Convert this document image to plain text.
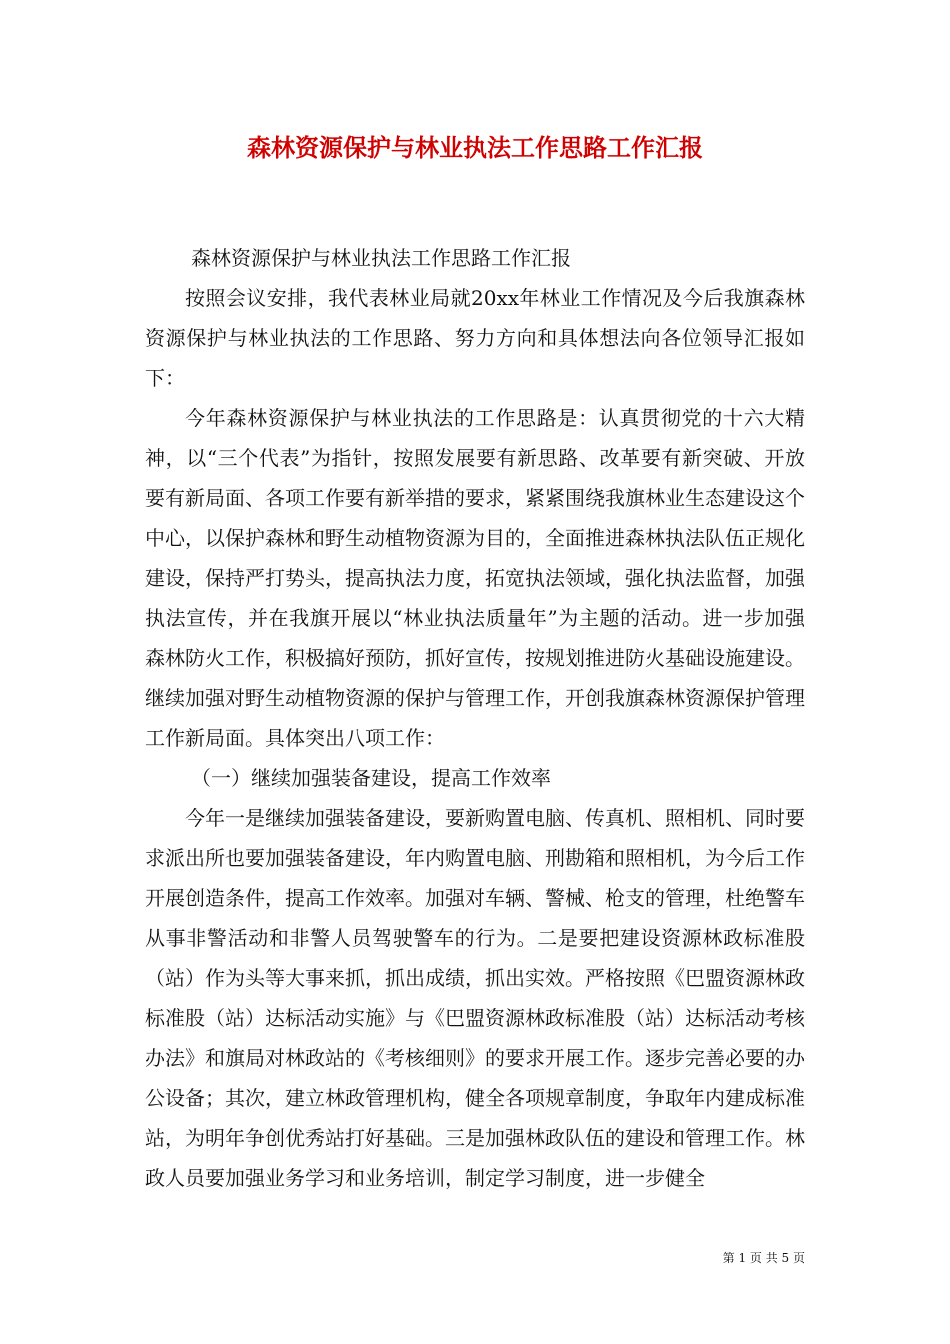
森林资源保护与林业执法工作思路工作汇报

森林资源保护与林业执法工作思路工作汇报

按照会议安排，我代表林业局就20xx年林业工作情况及今后我旗森林资源保护与林业执法的工作思路、努力方向和具体想法向各位领导汇报如下：

今年森林资源保护与林业执法的工作思路是：认真贯彻党的十六大精神，以“三个代表”为指针，按照发展要有新思路、改革要有新突破、开放要有新局面、各项工作要有新举措的要求，紧紧围绕我旗林业生态建设这个中心，以保护森林和野生动植物资源为目的，全面推进森林执法队伍正规化建设，保持严打势头，提高执法力度，拓宽执法领域，强化执法监督，加强执法宣传，并在我旗开展以“林业执法质量年”为主题的活动。进一步加强森林防火工作，积极搞好预防，抓好宣传，按规划推进防火基础设施建设。继续加强对野生动植物资源的保护与管理工作，开创我旗森林资源保护管理工作新局面。具体突出八项工作：

（一）继续加强装备建设，提高工作效率

今年一是继续加强装备建设，要新购置电脑、传真机、照相机、同时要求派出所也要加强装备建设，年内购置电脑、刑勘箱和照相机，为今后工作开展创造条件，提高工作效率。加强对车辆、警械、枪支的管理，杜绝警车从事非警活动和非警人员驾驶警车的行为。二是要把建设资源林政标准股（站）作为头等大事来抓，抓出成绩，抓出实效。严格按照《巴盟资源林政标准股（站）达标活动实施》与《巴盟资源林政标准股（站）达标活动考核办法》和旗局对林政站的《考核细则》的要求开展工作。逐步完善必要的办公设备；其次，建立林政管理机构，健全各项规章制度，争取年内建成标准站，为明年争创优秀站打好基础。三是加强林政队伍的建设和管理工作。林政人员要加强业务学习和业务培训，制定学习制度，进一步健全

第 1 页 共 5 页
